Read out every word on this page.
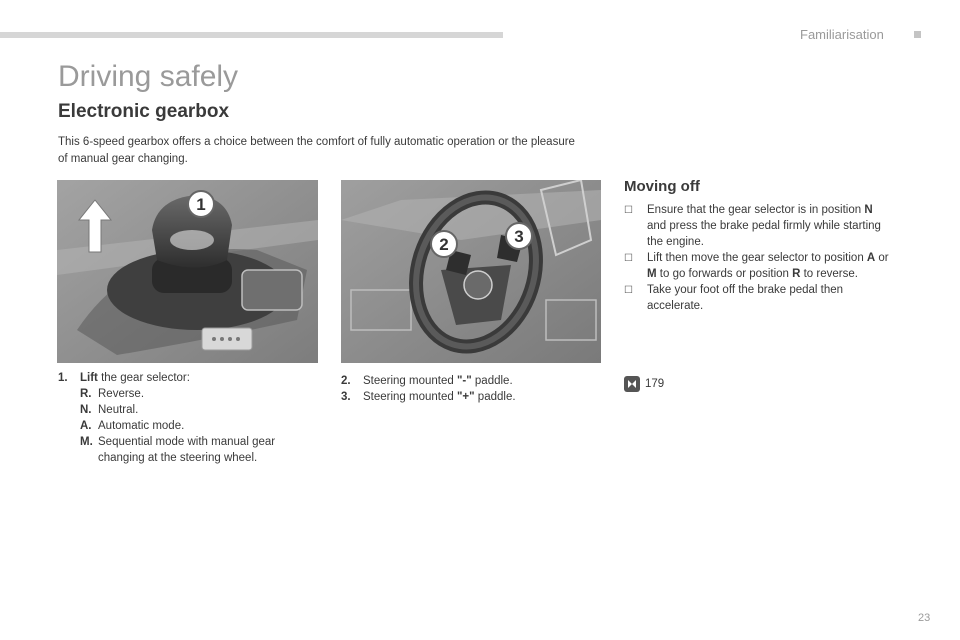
Familiarisation
Driving safely
Electronic gearbox
This 6-speed gearbox offers a choice between the comfort of fully automatic operation or the pleasure of manual gear changing.
1
2	3
1. Lift the gear selector:
R. Reverse.
N. Neutral.
A. Automatic mode.
M. Sequential mode with manual gear changing at the steering wheel.
2. Steering mounted "-" paddle.
3. Steering mounted "+" paddle.
Moving off
☐ Ensure that the gear selector is in position N and press the brake pedal firmly while starting the engine.
☐ Lift then move the gear selector to position A or M to go forwards or position R to reverse.
☐ Take your foot off the brake pedal then accelerate.
179
23
